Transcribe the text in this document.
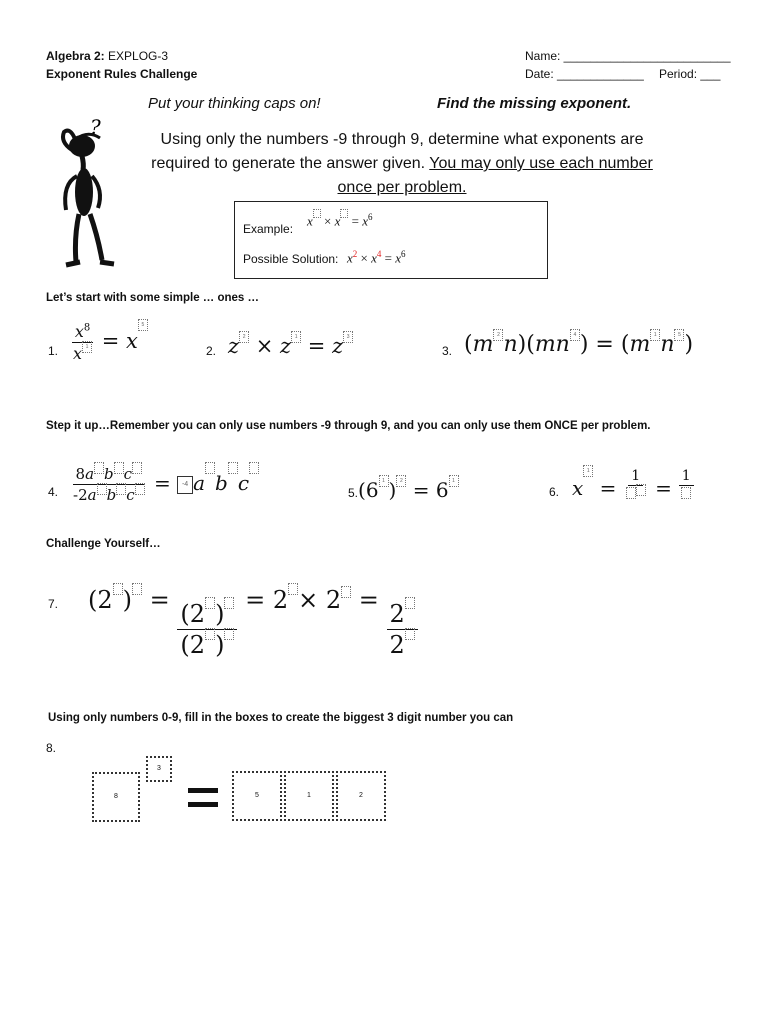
Algebra 2: EXPLOG-3
Exponent Rules Challenge
Name: _________________________
Date: _____________ Period: ___
Put your thinking caps on!	Find the missing exponent.
?
Using only the numbers -9 through 9, determine what exponents are
required to generate the answer given. You may only use each number
once per problem.
Example:
$x \times x = x^6$
Possible Solution: $x^2 \times x^4 = x^6$
Let’s start with some simple … ones …
1. $\frac{x^8}{x 1} = x5$
2. z 2 × z 1 = z 3
3. (m 2 n)(mn 4 ) = (m 1 n 5 )
Step it up…Remember you can only use numbers -9 through 9, and you can only use them ONCE per problem.
4. $\frac{\text{8a b c}}{\text{-2a b c}} = -4$ a b c	5.(6 1 ) 2 = 6 1
6. x1 = 1 = 1
Challenge Yourself…
7. (2 ) = $\frac{(2 )}{(2 )} = 2 \times 2 = \frac{2}{2}$
Using only numbers 0-9, fill in the boxes to create the biggest 3 digit number you can
8.
8
3
5	1	2
